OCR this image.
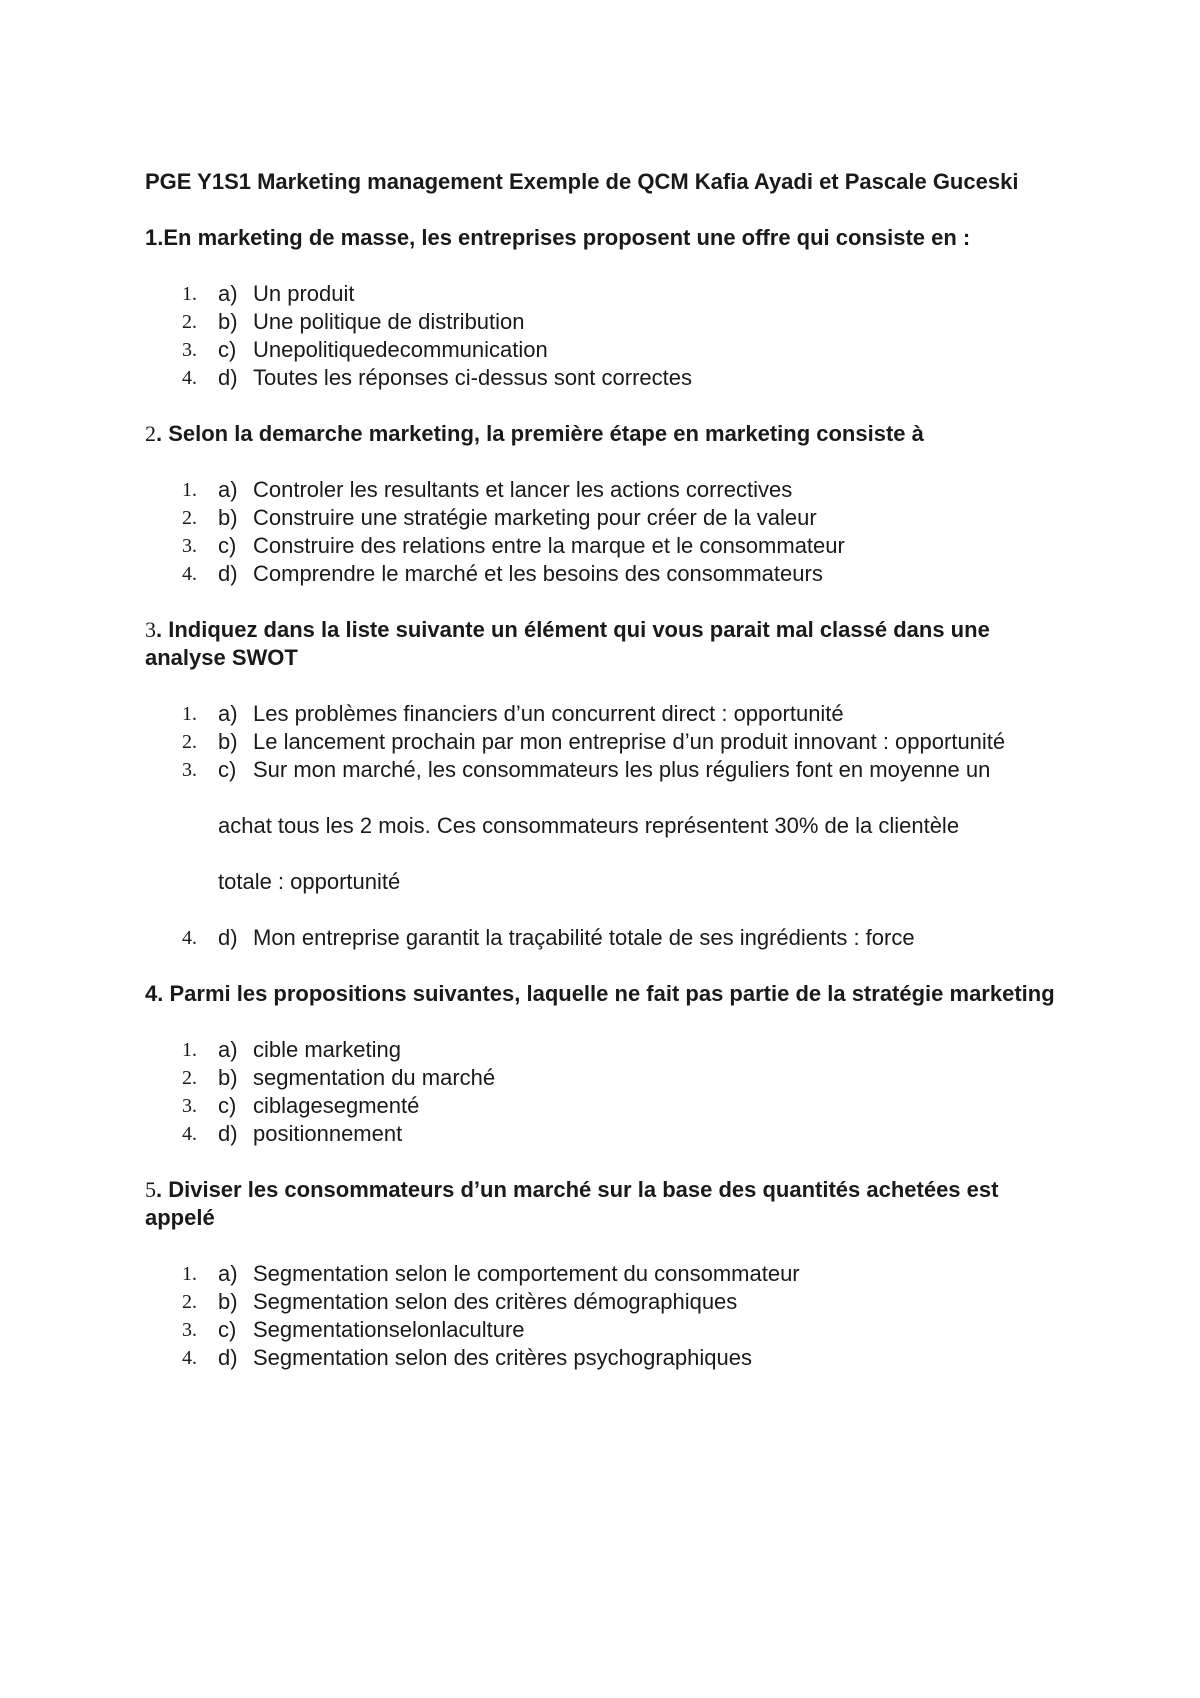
PGE Y1S1 Marketing management Exemple de QCM Kafia Ayadi et Pascale Guceski

1.En marketing de masse, les entreprises proposent une offre qui consiste en :

1. a) Un produit
2. b) Une politique de distribution
3. c) Unepolitiquedecommunication
4. d) Toutes les réponses ci-dessus sont correctes

2. Selon la demarche marketing, la première étape en marketing consiste à

1. a) Controler les resultants et lancer les actions correctives
2. b) Construire une stratégie marketing pour créer de la valeur
3. c) Construire des relations entre la marque et le consommateur
4. d) Comprendre le marché et les besoins des consommateurs

3. Indiquez dans la liste suivante un élément qui vous parait mal classé dans une analyse SWOT

1. a) Les problèmes financiers d’un concurrent direct : opportunité
2. b) Le lancement prochain par mon entreprise d’un produit innovant : opportunité
3. c) Sur mon marché, les consommateurs les plus réguliers font en moyenne un

achat tous les 2 mois. Ces consommateurs représentent 30% de la clientèle

totale : opportunité

4. d) Mon entreprise garantit la traçabilité totale de ses ingrédients : force

4. Parmi les propositions suivantes, laquelle ne fait pas partie de la stratégie marketing

1. a) cible marketing
2. b) segmentation du marché
3. c) ciblagesegmenté
4. d) positionnement

5. Diviser les consommateurs d’un marché sur la base des quantités achetées est appelé

1. a) Segmentation selon le comportement du consommateur
2. b) Segmentation selon des critères démographiques
3. c) Segmentationselonlaculture
4. d) Segmentation selon des critères psychographiques
